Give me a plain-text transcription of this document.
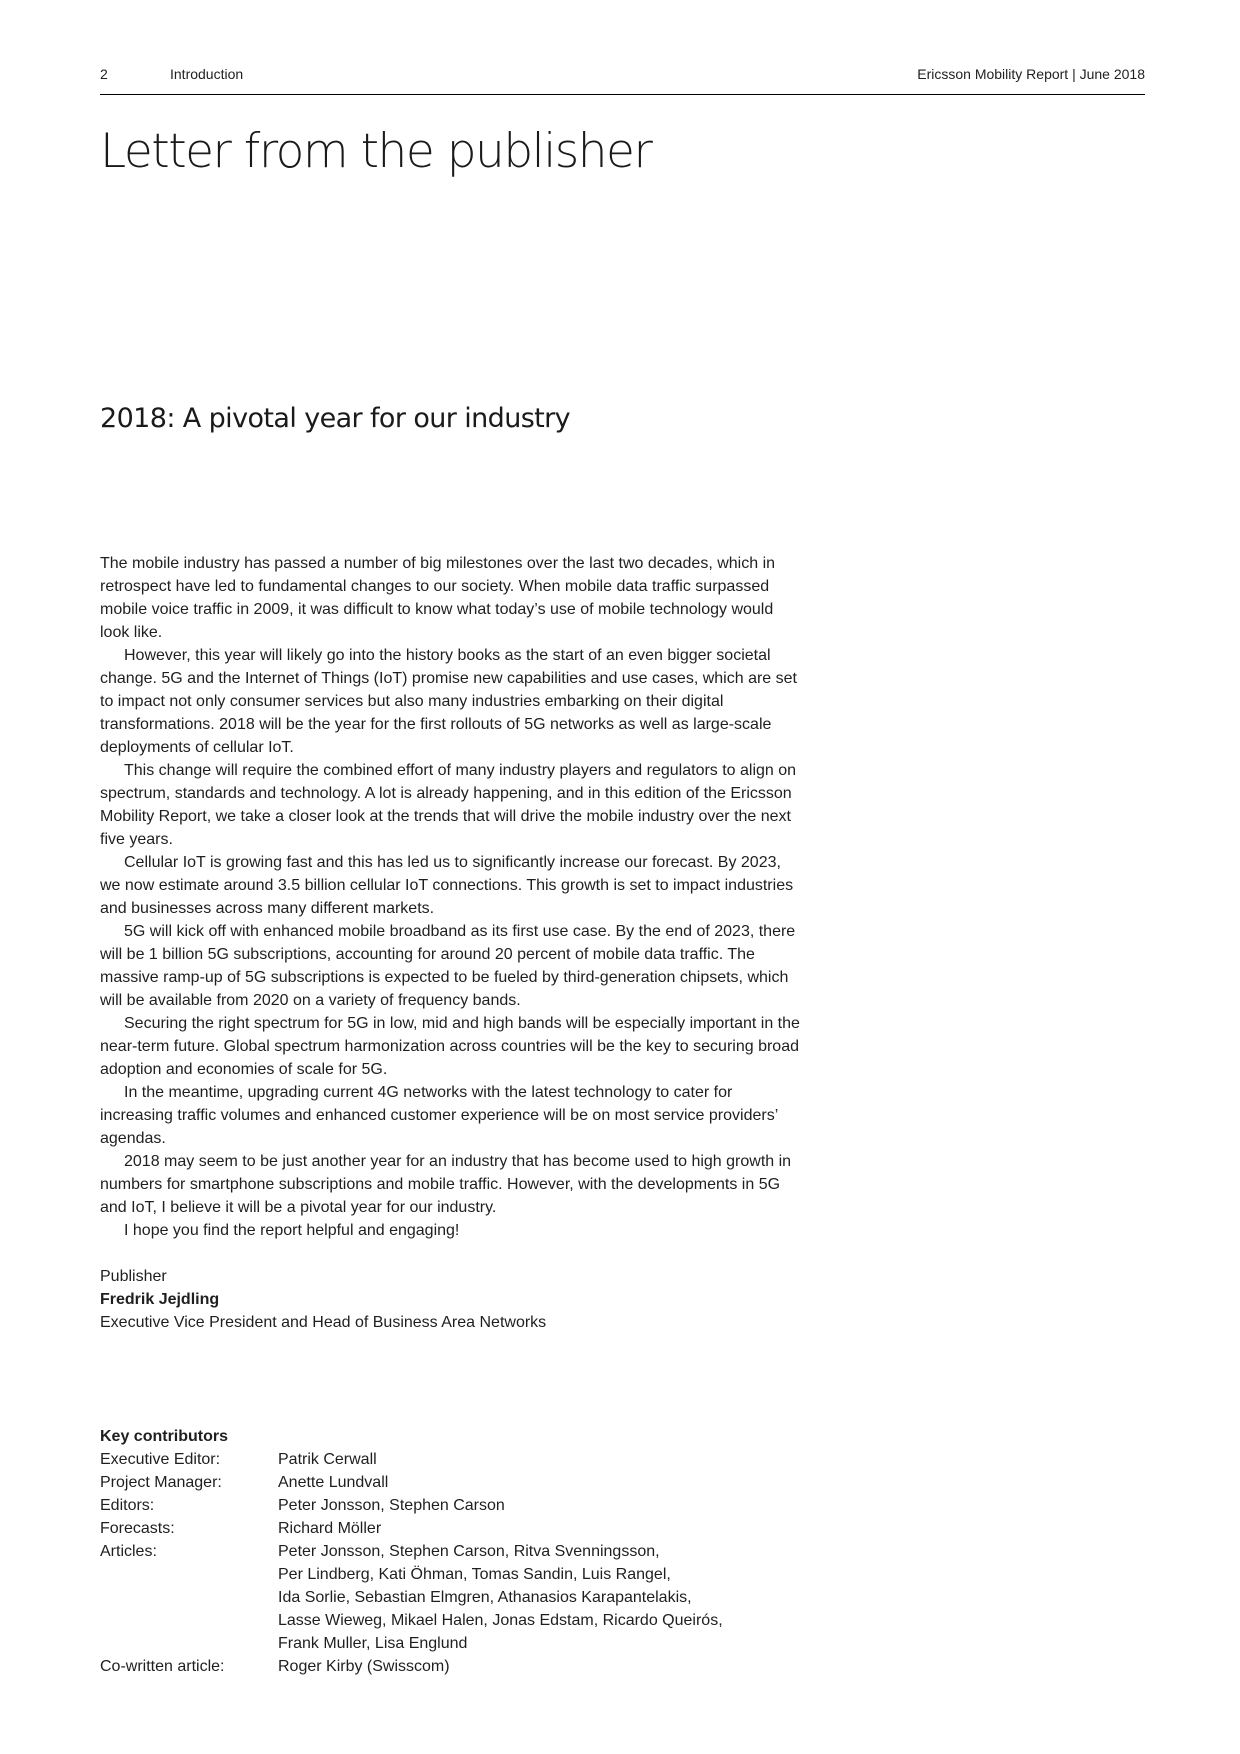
2	Introduction	Ericsson Mobility Report | June 2018
Letter from the publisher
2018: A pivotal year for our industry

The mobile industry has passed a number of big milestones over the last two decades, which in retrospect have led to fundamental changes to our society. When mobile data traffic surpassed mobile voice traffic in 2009, it was difficult to know what today’s use of mobile technology would look like.

However, this year will likely go into the history books as the start of an even bigger societal change. 5G and the Internet of Things (IoT) promise new capabilities and use cases, which are set to impact not only consumer services but also many industries embarking on their digital transformations. 2018 will be the year for the first rollouts of 5G networks as well as large-scale deployments of cellular IoT.

This change will require the combined effort of many industry players and regulators to align on spectrum, standards and technology. A lot is already happening, and in this edition of the Ericsson Mobility Report, we take a closer look at the trends that will drive the mobile industry over the next five years.

Cellular IoT is growing fast and this has led us to significantly increase our forecast. By 2023, we now estimate around 3.5 billion cellular IoT connections. This growth is set to impact industries and businesses across many different markets.

5G will kick off with enhanced mobile broadband as its first use case. By the end of 2023, there will be 1 billion 5G subscriptions, accounting for around 20 percent of mobile data traffic. The massive ramp-up of 5G subscriptions is expected to be fueled by third-generation chipsets, which will be available from 2020 on a variety of frequency bands.

Securing the right spectrum for 5G in low, mid and high bands will be especially important in the near-term future. Global spectrum harmonization across countries will be the key to securing broad adoption and economies of scale for 5G.

In the meantime, upgrading current 4G networks with the latest technology to cater for increasing traffic volumes and enhanced customer experience will be on most service providers’ agendas.

2018 may seem to be just another year for an industry that has become used to high growth in numbers for smartphone subscriptions and mobile traffic. However, with the developments in 5G and IoT, I believe it will be a pivotal year for our industry.

I hope you find the report helpful and engaging!

Publisher
Fredrik Jejdling
Executive Vice President and Head of Business Area Networks
Key contributors
Executive Editor:	Patrik Cerwall
Project Manager:	Anette Lundvall
Editors:	Peter Jonsson, Stephen Carson
Forecasts:	Richard Möller
Articles:	Peter Jonsson, Stephen Carson, Ritva Svenningsson,
Per Lindberg, Kati Öhman, Tomas Sandin, Luis Rangel,
Ida Sorlie, Sebastian Elmgren, Athanasios Karapantelakis,
Lasse Wieweg, Mikael Halen, Jonas Edstam, Ricardo Queirós,
Frank Muller, Lisa Englund
Co-written article:	Roger Kirby (Swisscom)
